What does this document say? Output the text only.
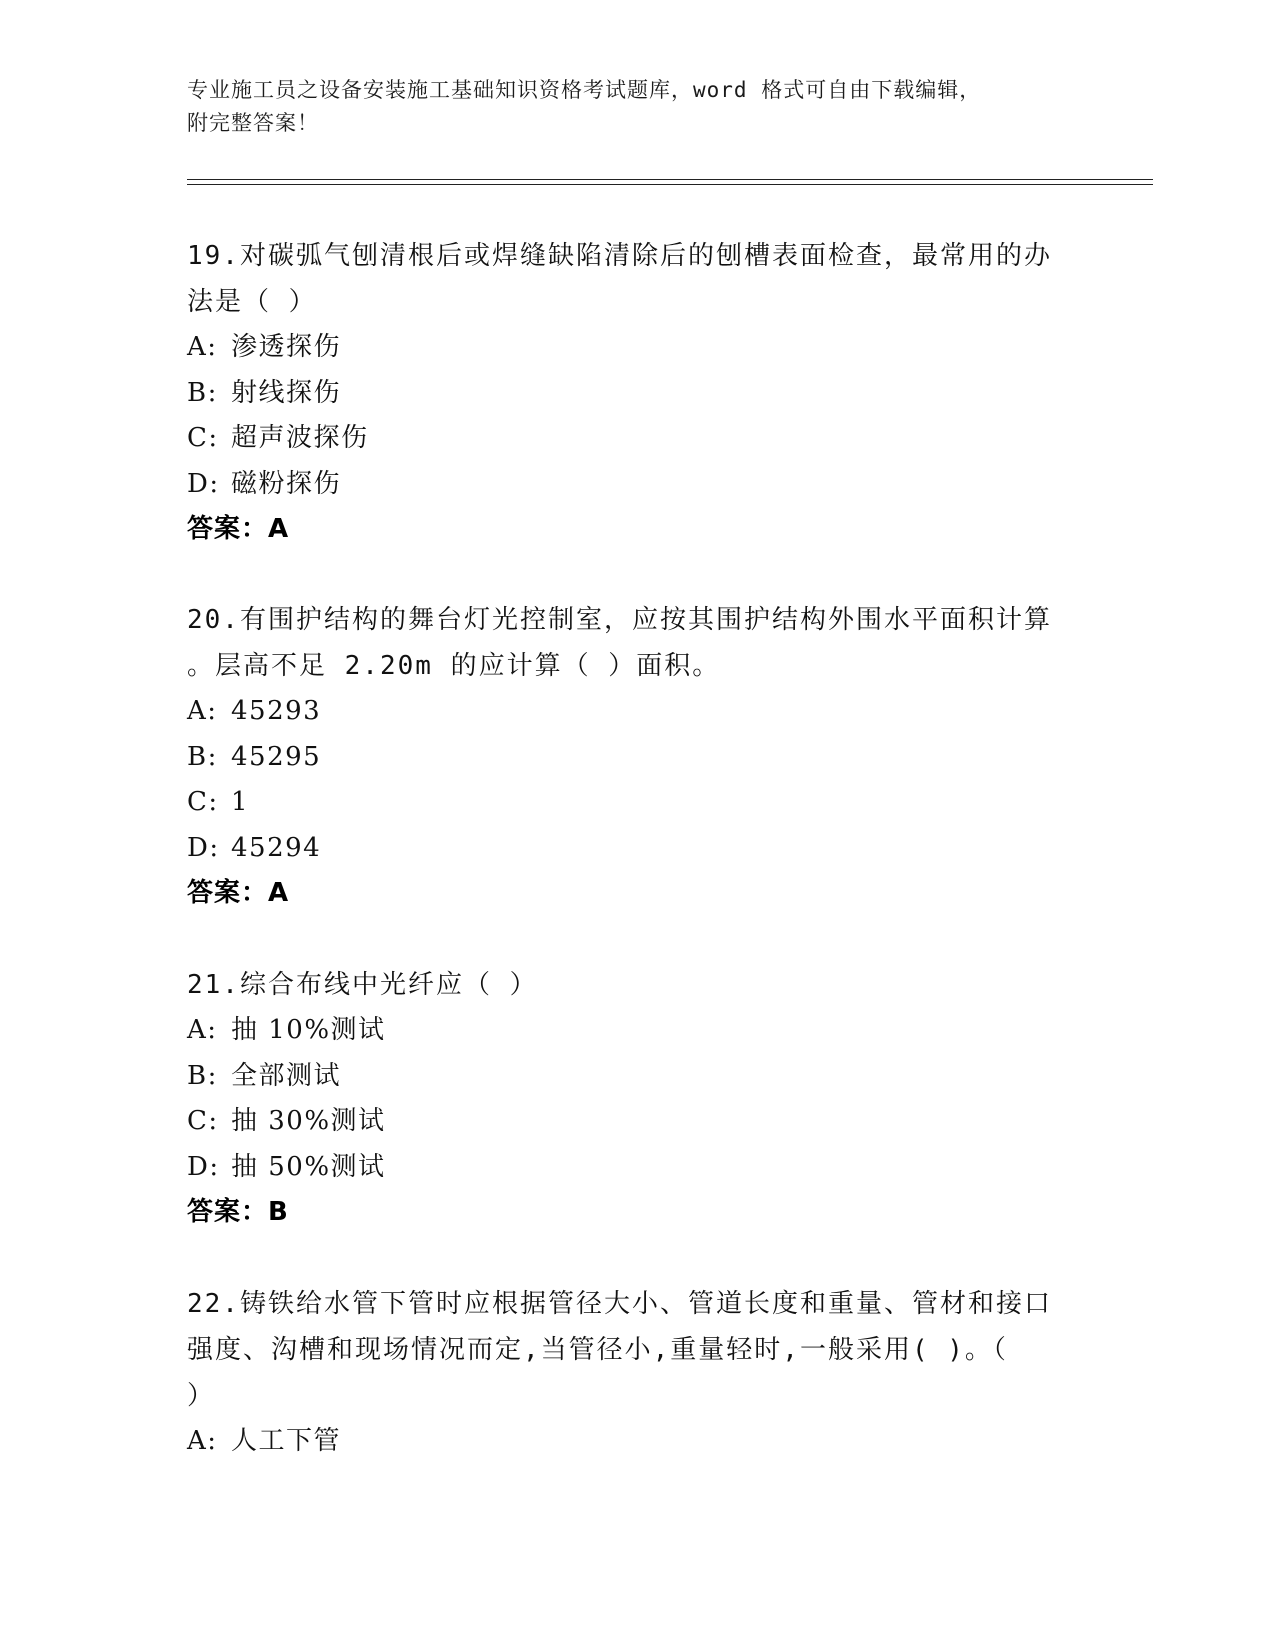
专业施工员之设备安装施工基础知识资格考试题库，word 格式可自由下载编辑，
附完整答案！
19.对碳弧气刨清根后或焊缝缺陷清除后的刨槽表面检查，最常用的办
法是（ ）
A: 渗透探伤
B: 射线探伤
C: 超声波探伤
D: 磁粉探伤
答案：A
20.有围护结构的舞台灯光控制室，应按其围护结构外围水平面积计算
。层高不足 2.20m 的应计算（ ）面积。
A: 45293
B: 45295
C: 1
D: 45294
答案：A
21.综合布线中光纤应（ ）
A: 抽 10%测试
B: 全部测试
C: 抽 30%测试
D: 抽 50%测试
答案：B
22.铸铁给水管下管时应根据管径大小、管道长度和重量、管材和接口
强度、沟槽和现场情况而定,当管径小,重量轻时,一般采用( )。（
）
A: 人工下管
